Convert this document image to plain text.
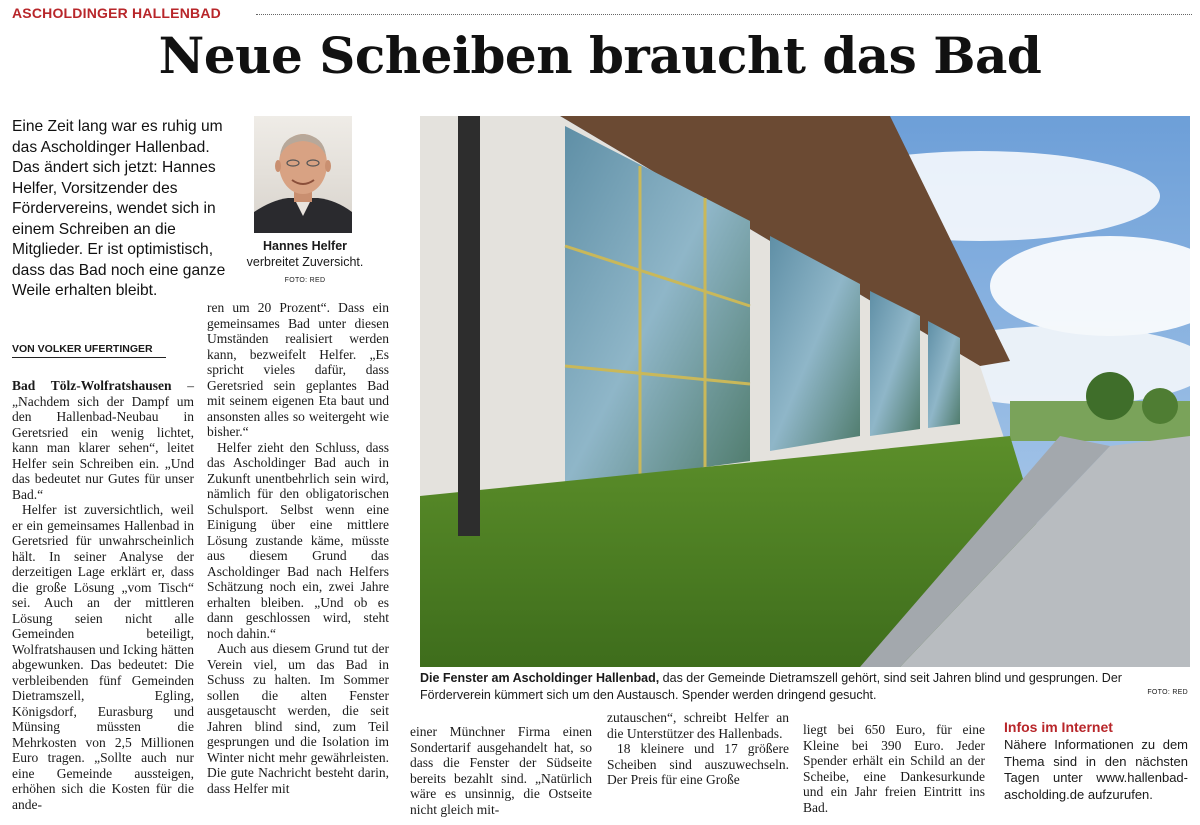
ASCHOLDINGER HALLENBAD
Neue Scheiben braucht das Bad
Eine Zeit lang war es ruhig um das Ascholdinger Hallenbad. Das ändert sich jetzt: Hannes Helfer, Vorsitzender des Fördervereins, wendet sich in einem Schreiben an die Mitglieder. Er ist optimistisch, dass das Bad noch eine ganze Weile erhalten bleibt.
VON VOLKER UFERTINGER
Hannes Helfer
verbreitet Zuversicht. FOTO: RED
Die Fenster am Ascholdinger Hallenbad, das der Gemeinde Dietramszell gehört, sind seit Jahren blind und gesprungen. Der Förderverein kümmert sich um den Austausch. Spender werden dringend gesucht.	FOTO: RED

Bad Tölz-Wolfratshausen – „Nachdem sich der Dampf um den Hallenbad-Neubau in Geretsried ein wenig lichtet, kann man klarer sehen“, leitet Helfer sein Schreiben ein. „Und das bedeutet nur Gutes für unser Bad.“

Helfer ist zuversichtlich, weil er ein gemeinsames Hallenbad in Geretsried für unwahrscheinlich hält. In seiner Analyse der derzeitigen Lage erklärt er, dass die große Lösung „vom Tisch“ sei. Auch an der mittleren Lösung seien nicht alle Gemeinden beteiligt, Wolfratshausen und Icking hätten abgewunken. Das bedeutet: Die verbleibenden fünf Gemeinden Dietramszell, Egling, Königsdorf, Eurasburg und Münsing müssten die Mehrkosten von 2,5 Millionen Euro tragen. „Sollte auch nur eine Gemeinde aussteigen, erhöhen sich die Kosten für die ande-

ren um 20 Prozent“. Dass ein gemeinsames Bad unter diesen Umständen realisiert werden kann, bezweifelt Helfer. „Es spricht vieles dafür, dass Geretsried sein geplantes Bad mit seinem eigenen Eta baut und ansonsten alles so weitergeht wie bisher.“

Helfer zieht den Schluss, dass das Ascholdinger Bad auch in Zukunft unentbehrlich sein wird, nämlich für den obligatorischen Schulsport. Selbst wenn eine Einigung über eine mittlere Lösung zustande käme, müsste aus diesem Grund das Ascholdinger Bad nach Helfers Schätzung noch ein, zwei Jahre erhalten bleiben. „Und ob es dann geschlossen wird, steht noch dahin.“

Auch aus diesem Grund tut der Verein viel, um das Bad in Schuss zu halten. Im Sommer sollen die alten Fenster ausgetauscht werden, die seit Jahren blind sind, zum Teil gesprungen und die Isolation im Winter nicht mehr gewährleisten. Die gute Nachricht besteht darin, dass Helfer mit

einer Münchner Firma einen Sondertarif ausgehandelt hat, so dass die Fenster der Südseite bereits bezahlt sind. „Natürlich wäre es unsinnig, die Ostseite nicht gleich mit-

zutauschen“, schreibt Helfer an die Unterstützer des Hallenbads.

18 kleinere und 17 größere Scheiben sind auszuwechseln. Der Preis für eine Große

liegt bei 650 Euro, für eine Kleine bei 390 Euro. Jeder Spender erhält ein Schild an der Scheibe, eine Dankesurkunde und ein Jahr freien Eintritt ins Bad.

Infos im Internet
Nähere Informationen zu dem Thema sind in den nächsten Tagen unter www.hallenbad-ascholding.de aufzurufen.
